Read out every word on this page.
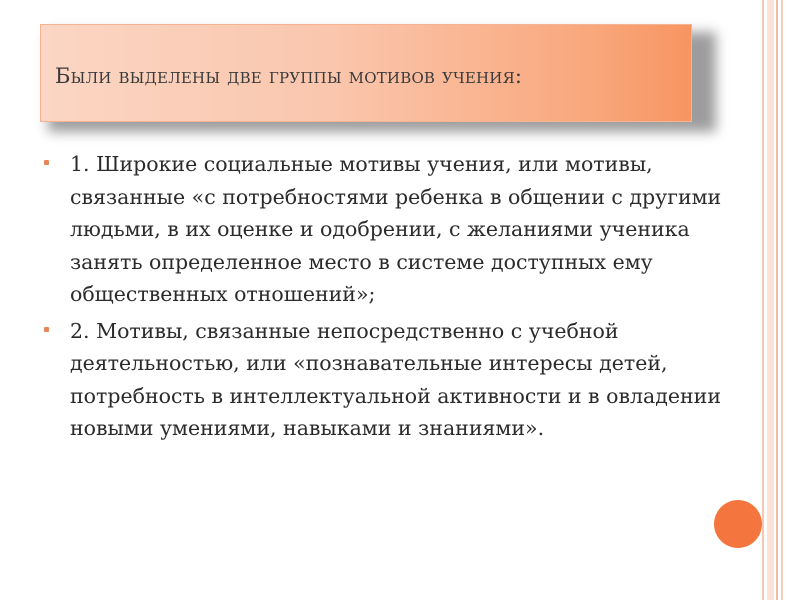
Были выделены две группы мотивов учения:
1. Широкие социальные мотивы учения, или мотивы, связанные «с потребностями ребенка в общении с другими людьми, в их оценке и одобрении, с желаниями ученика занять определенное место в системе доступных ему общественных отношений»;
2. Мотивы, связанные непосредственно с учебной деятельностью, или «познавательные интересы детей, потребность в интеллектуальной активности и в овладении новыми умениями, навыками и знаниями».
